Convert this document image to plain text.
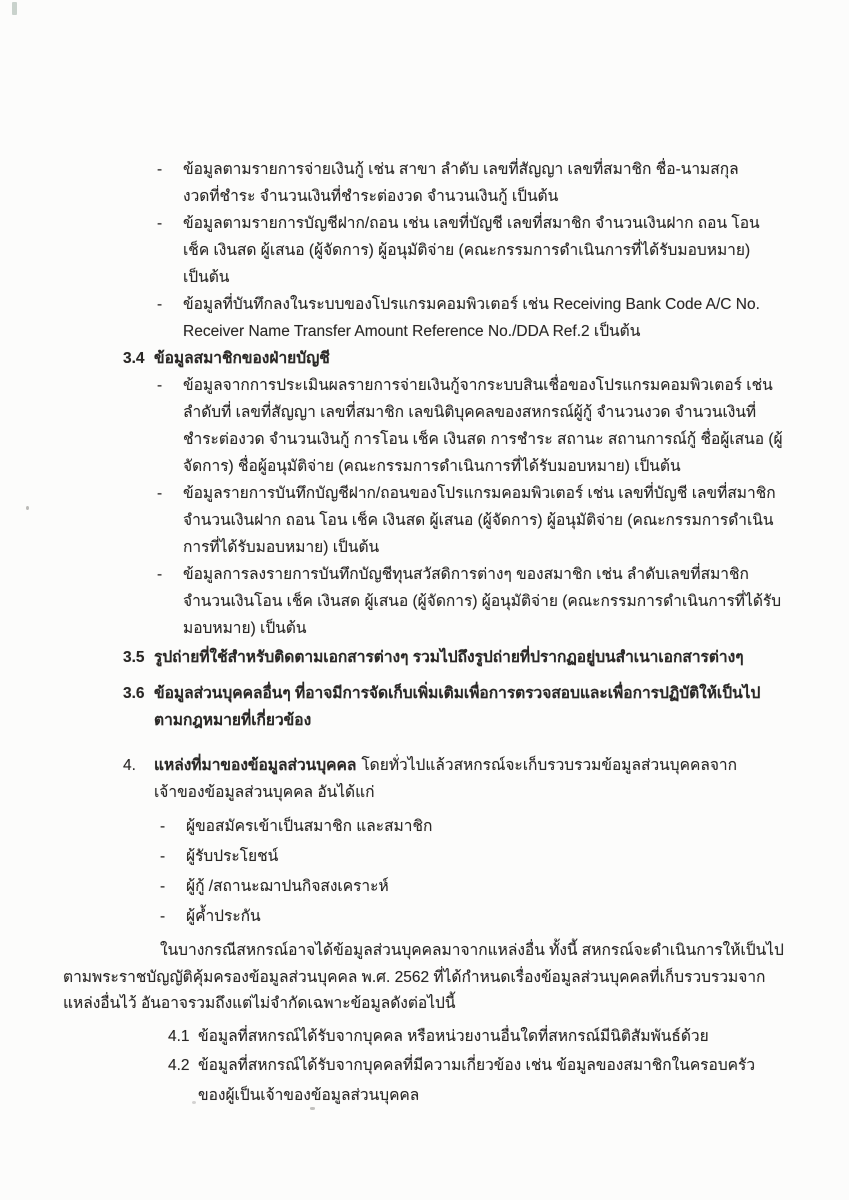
-	ข้อมูลตามรายการจ่ายเงินกู้ เช่น สาขา ลำดับ เลขที่สัญญา เลขที่สมาชิก ชื่อ-นามสกุล งวดที่ชำระ จำนวนเงินที่ชำระต่องวด จำนวนเงินกู้ เป็นต้น
-	ข้อมูลตามรายการบัญชีฝาก/ถอน เช่น เลขที่บัญชี เลขที่สมาชิก จำนวนเงินฝาก ถอน โอน เช็ค เงินสด ผู้เสนอ (ผู้จัดการ) ผู้อนุมัติจ่าย (คณะกรรมการดำเนินการที่ได้รับมอบหมาย) เป็นต้น
-	ข้อมูลที่บันทึกลงในระบบของโปรแกรมคอมพิวเตอร์ เช่น Receiving Bank Code A/C No. Receiver Name Transfer Amount Reference No./DDA Ref.2 เป็นต้น
3.4 ข้อมูลสมาชิกของฝ่ายบัญชี
-	ข้อมูลจากการประเมินผลรายการจ่ายเงินกู้จากระบบสินเชื่อของโปรแกรมคอมพิวเตอร์ เช่น ลำดับที่ เลขที่สัญญา เลขที่สมาชิก เลขนิติบุคคลของสหกรณ์ผู้กู้ จำนวนงวด จำนวนเงินที่ชำระต่องวด จำนวนเงินกู้ การโอน เช็ค เงินสด การชำระ สถานะ สถานการณ์กู้ ชื่อผู้เสนอ (ผู้จัดการ) ชื่อผู้อนุมัติจ่าย (คณะกรรมการดำเนินการที่ได้รับมอบหมาย) เป็นต้น
-	ข้อมูลรายการบันทึกบัญชีฝาก/ถอนของโปรแกรมคอมพิวเตอร์ เช่น เลขที่บัญชี เลขที่สมาชิก จำนวนเงินฝาก ถอน โอน เช็ค เงินสด ผู้เสนอ (ผู้จัดการ) ผู้อนุมัติจ่าย (คณะกรรมการดำเนินการที่ได้รับมอบหมาย) เป็นต้น
-	ข้อมูลการลงรายการบันทึกบัญชีทุนสวัสดิการต่างๆ ของสมาชิก เช่น ลำดับเลขที่สมาชิก จำนวนเงินโอน เช็ค เงินสด ผู้เสนอ (ผู้จัดการ) ผู้อนุมัติจ่าย (คณะกรรมการดำเนินการที่ได้รับมอบหมาย) เป็นต้น
3.5 รูปถ่ายที่ใช้สำหรับติดตามเอกสารต่างๆ รวมไปถึงรูปถ่ายที่ปรากฏอยู่บนสำเนาเอกสารต่างๆ
3.6 ข้อมูลส่วนบุคคลอื่นๆ ที่อาจมีการจัดเก็บเพิ่มเติมเพื่อการตรวจสอบและเพื่อการปฏิบัติให้เป็นไปตามกฎหมายที่เกี่ยวข้อง
4.	แหล่งที่มาของข้อมูลส่วนบุคคล โดยทั่วไปแล้วสหกรณ์จะเก็บรวบรวมข้อมูลส่วนบุคคลจากเจ้าของข้อมูลส่วนบุคคล อันได้แก่
-	ผู้ขอสมัครเข้าเป็นสมาชิก และสมาชิก
-	ผู้รับประโยชน์
-	ผู้กู้ /สถานะฌาปนกิจสงเคราะห์
-	ผู้ค้ำประกัน
ในบางกรณีสหกรณ์อาจได้ข้อมูลส่วนบุคคลมาจากแหล่งอื่น ทั้งนี้ สหกรณ์จะดำเนินการให้เป็นไปตามพระราชบัญญัติคุ้มครองข้อมูลส่วนบุคคล พ.ศ. 2562 ที่ได้กำหนดเรื่องข้อมูลส่วนบุคคลที่เก็บรวบรวมจากแหล่งอื่นไว้ อันอาจรวมถึงแต่ไม่จำกัดเฉพาะข้อมูลดังต่อไปนี้
4.1 ข้อมูลที่สหกรณ์ได้รับจากบุคคล หรือหน่วยงานอื่นใดที่สหกรณ์มีนิติสัมพันธ์ด้วย
4.2 ข้อมูลที่สหกรณ์ได้รับจากบุคคลที่มีความเกี่ยวข้อง เช่น ข้อมูลของสมาชิกในครอบครัวของผู้เป็นเจ้าของข้อมูลส่วนบุคคล
